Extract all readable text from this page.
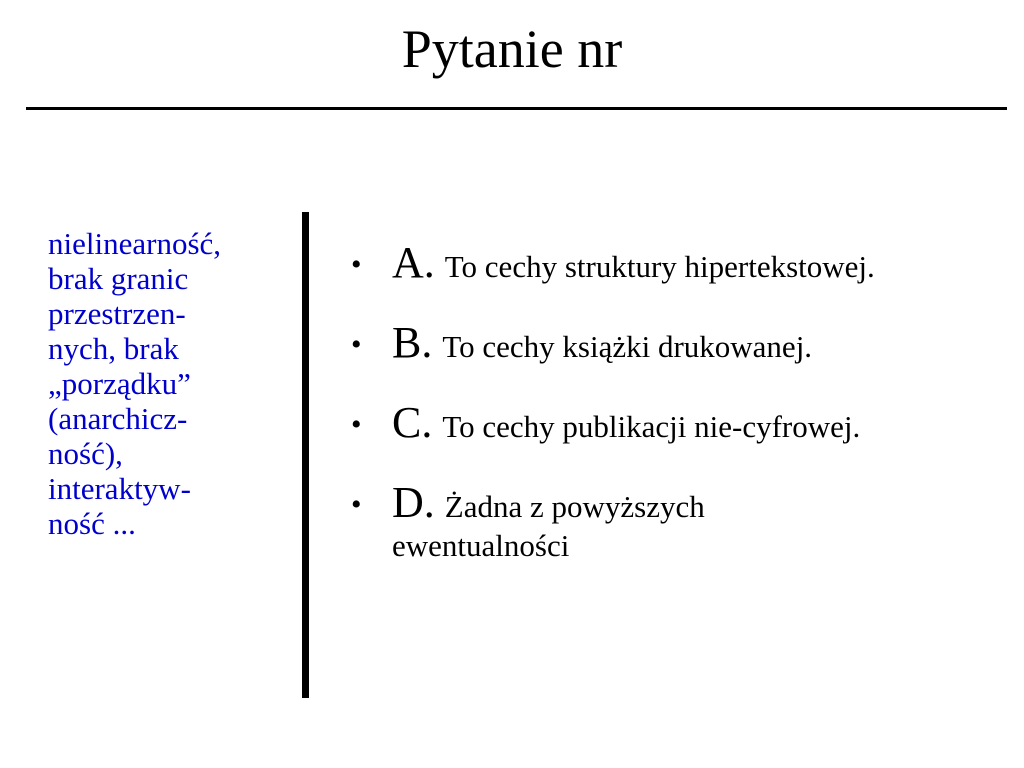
Pytanie nr
nielinearność,
brak granic
przestrzen-
nych, brak
„porządku”
(anarchicz-
ność),
interaktyw-
ność ...
• A. To cechy struktury hipertekstowej.
• B. To cechy książki drukowanej.
• C. To cechy publikacji nie-cyfrowej.
• D. Żadna z powyższych
ewentualności
